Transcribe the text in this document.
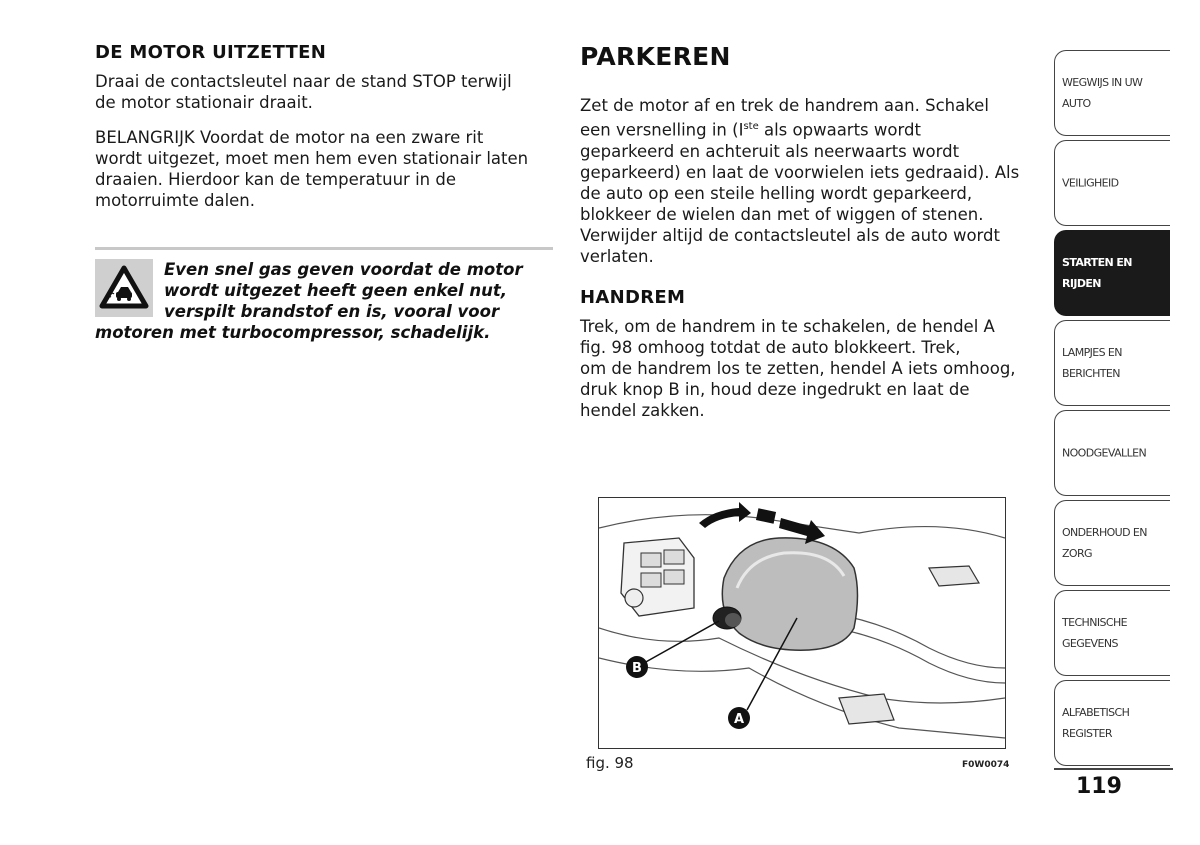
DE MOTOR UITZETTEN

Draai de contactsleutel naar de stand STOP terwijl
de motor stationair draait.

BELANGRIJK Voordat de motor na een zware rit
wordt uitgezet, moet men hem even stationair laten
draaien. Hierdoor kan de temperatuur in de
motorruimte dalen.

Even snel gas geven voordat de motor
wordt uitgezet heeft geen enkel nut,
verspilt brandstof en is, vooral voor
motoren met turbocompressor, schadelijk.
PARKEREN

Zet de motor af en trek de handrem aan. Schakel
een versnelling in (Iste als opwaarts wordt
geparkeerd en achteruit als neerwaarts wordt
geparkeerd) en laat de voorwielen iets gedraaid). Als
de auto op een steile helling wordt geparkeerd,
blokkeer de wielen dan met of wiggen of stenen.
Verwijder altijd de contactsleutel als de auto wordt
verlaten.

HANDREM

Trek, om de handrem in te schakelen, de hendel A
fig. 98 omhoog totdat de auto blokkeert. Trek,
om de handrem los te zetten, hendel A iets omhoog,
druk knop B in, houd deze ingedrukt en laat de
hendel zakken.

B
A
fig. 98	F0W0074
WEGWIJS IN UW AUTO
VEILIGHEID
STARTEN EN RIJDEN
LAMPJES EN BERICHTEN
NOODGEVALLEN
ONDERHOUD EN ZORG
TECHNISCHE GEGEVENS
ALFABETISCH REGISTER
119
